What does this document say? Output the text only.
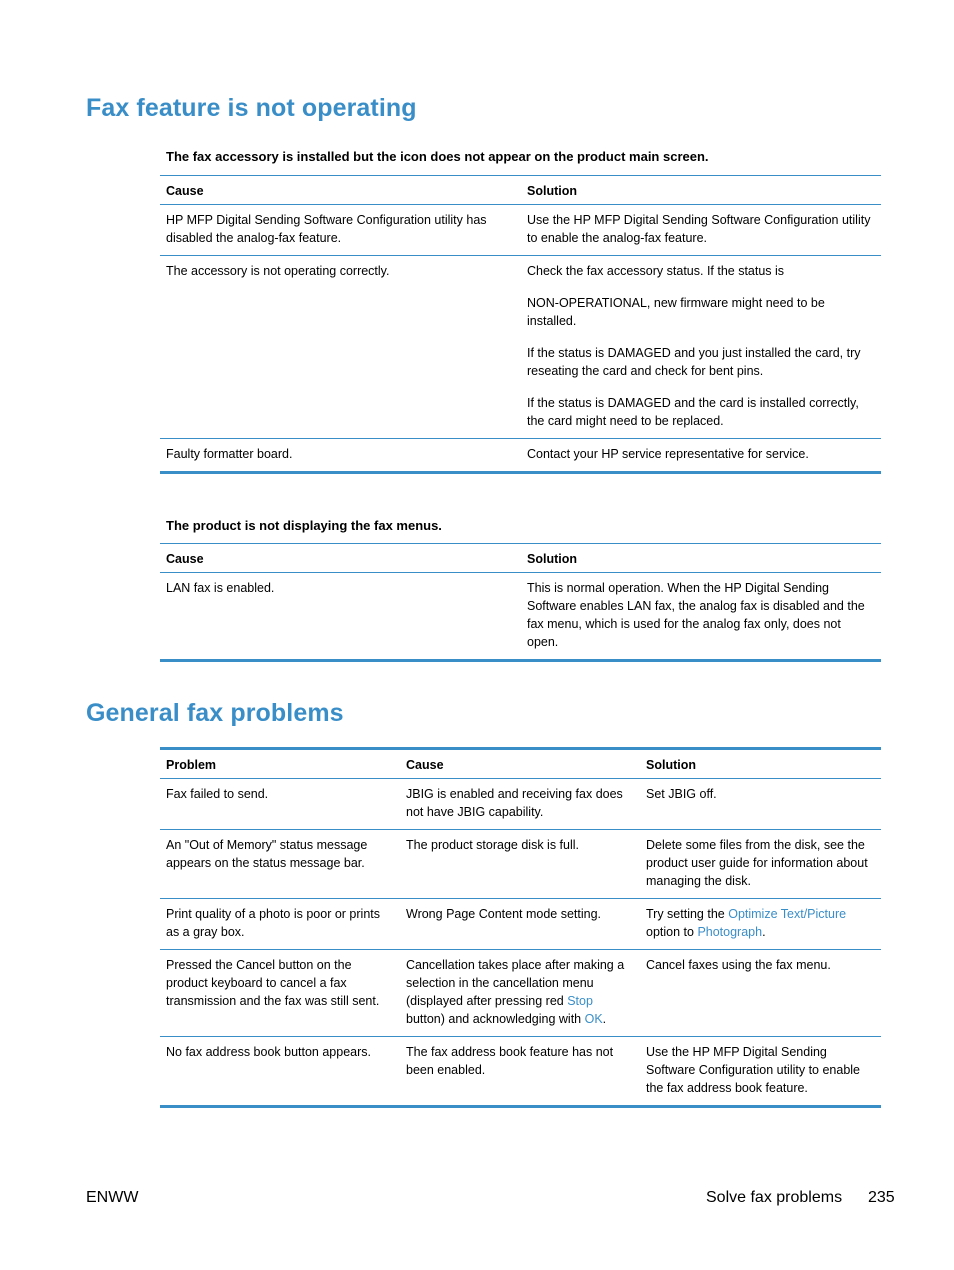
Fax feature is not operating
The fax accessory is installed but the icon does not appear on the product main screen.
Cause	Solution
HP MFP Digital Sending Software Configuration utility has disabled the analog-fax feature.	Use the HP MFP Digital Sending Software Configuration utility to enable the analog-fax feature.

The accessory is not operating correctly.	Check the fax accessory status. If the status is
NON-OPERATIONAL, new firmware might need to be installed.
If the status is DAMAGED and you just installed the card, try reseating the card and check for bent pins.
If the status is DAMAGED and the card is installed correctly, the card might need to be replaced.

Faulty formatter board.	Contact your HP service representative for service.
The product is not displaying the fax menus.
Cause	Solution
LAN fax is enabled.	This is normal operation. When the HP Digital Sending Software enables LAN fax, the analog fax is disabled and the fax menu, which is used for the analog fax only, does not open.
General fax problems
Problem	Cause	Solution
Fax failed to send.	JBIG is enabled and receiving fax does not have JBIG capability.	Set JBIG off.
An "Out of Memory" status message appears on the status message bar.	The product storage disk is full.	Delete some files from the disk, see the product user guide for information about managing the disk.
Print quality of a photo is poor or prints as a gray box.	Wrong Page Content mode setting.	Try setting the Optimize Text/Picture option to Photograph.
Pressed the Cancel button on the product keyboard to cancel a fax transmission and the fax was still sent.	Cancellation takes place after making a selection in the cancellation menu (displayed after pressing red Stop button) and acknowledging with OK.	Cancel faxes using the fax menu.
No fax address book button appears.	The fax address book feature has not been enabled.	Use the HP MFP Digital Sending Software Configuration utility to enable the fax address book feature.
ENWW	Solve fax problems 235
